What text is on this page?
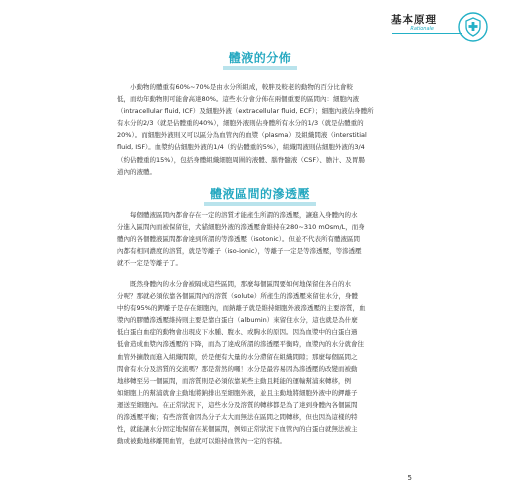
基本原理
Rationale
體液的分佈
小動物的體重有60%~70%是由水分所組成，較胖及較老的動物的百分比會較
低，而幼年動物則可能會高達80%。這些水分會分佈在兩個重要的區間內：細胞內液
（intracellular fluid, ICF）及細胞外液（extracellular fluid, ECF）；細胞內液佔身體所
有水分的2/3（就是佔體重的40%），細胞外液則佔身體所有水分的1/3（就是佔體重的
20%）。而細胞外液則又可以區分為血管內的血漿（plasma）及組織間液（interstitial
fluid, ISF）。血漿約佔細胞外液的1/4（約佔體重的5%），組織間液則佔細胞外液的3/4
（約佔體重的15%），包括身體組織細胞周圍的液體、腦脊髓液（CSF）、膽汁、及胃腸
道內的液體。
體液區間的滲透壓
每個體液區間內都會存在一定的溶質才能產生所謂的滲透壓，讓進入身體內的水
分進入區間內而被保留住，犬貓細胞外液的滲透壓會維持在280~310 mOsm/L，而身
體內的各個體液區間都會達到所謂的等滲透壓（isotonic）。但並不代表所有體液區間
內都有相同濃度的溶質，就是等離子（iso-ionic），等離子一定是等滲透壓，等滲透壓
就不一定是等離子了。
既然身體內的水分會被隔成這些區間，那麼每個區間要如何地保留住各自的水
分呢？那就必須依靠各個區間內的溶質（solute）所產生的滲透壓來留住水分，身體
中約有95%的鉀離子是存在細胞內，而鈉離子就是維持細胞外液滲透壓的主要溶質，血
漿內的膠體滲透壓維持則主要是靠白蛋白（albumin）來留住水分，這也就是為什麼
低白蛋白血症的動物會出現皮下水腫、腹水、或胸水的原因。因為血漿中的白蛋白過
低會造成血漿內滲透壓的下降，而為了達成所謂的滲透壓平衡時，血漿內的水分就會往
血管外擴散而進入組織間隙，於是便有大量的水分滯留在組織間隙；那麼每個區間之
間會有水分及溶質的交流嗎？那是當然的囉！水分是最容易因為滲透壓的改變而被動
地移轉至另一個區間，而溶質則是必須依靠某些主動且耗能的運輸幫浦來轉移，例
如細胞上的幫浦就會主動地將鈉排出至細胞外液，並且主動地將細胞外液中的鉀離子
運送至細胞內。在正常狀況下，這些水分及溶質的轉移都是為了達到身體內各個區間
的滲透壓平衡；有些溶質會因為分子太大而無法在區間之間轉移，但也因為這樣的特
性，就能讓水分固定地保留在某個區間，例如正常狀況下血管內的白蛋白就無法被主
動或被動地移離開血管，也就可以維持血管內一定的容積。
5
